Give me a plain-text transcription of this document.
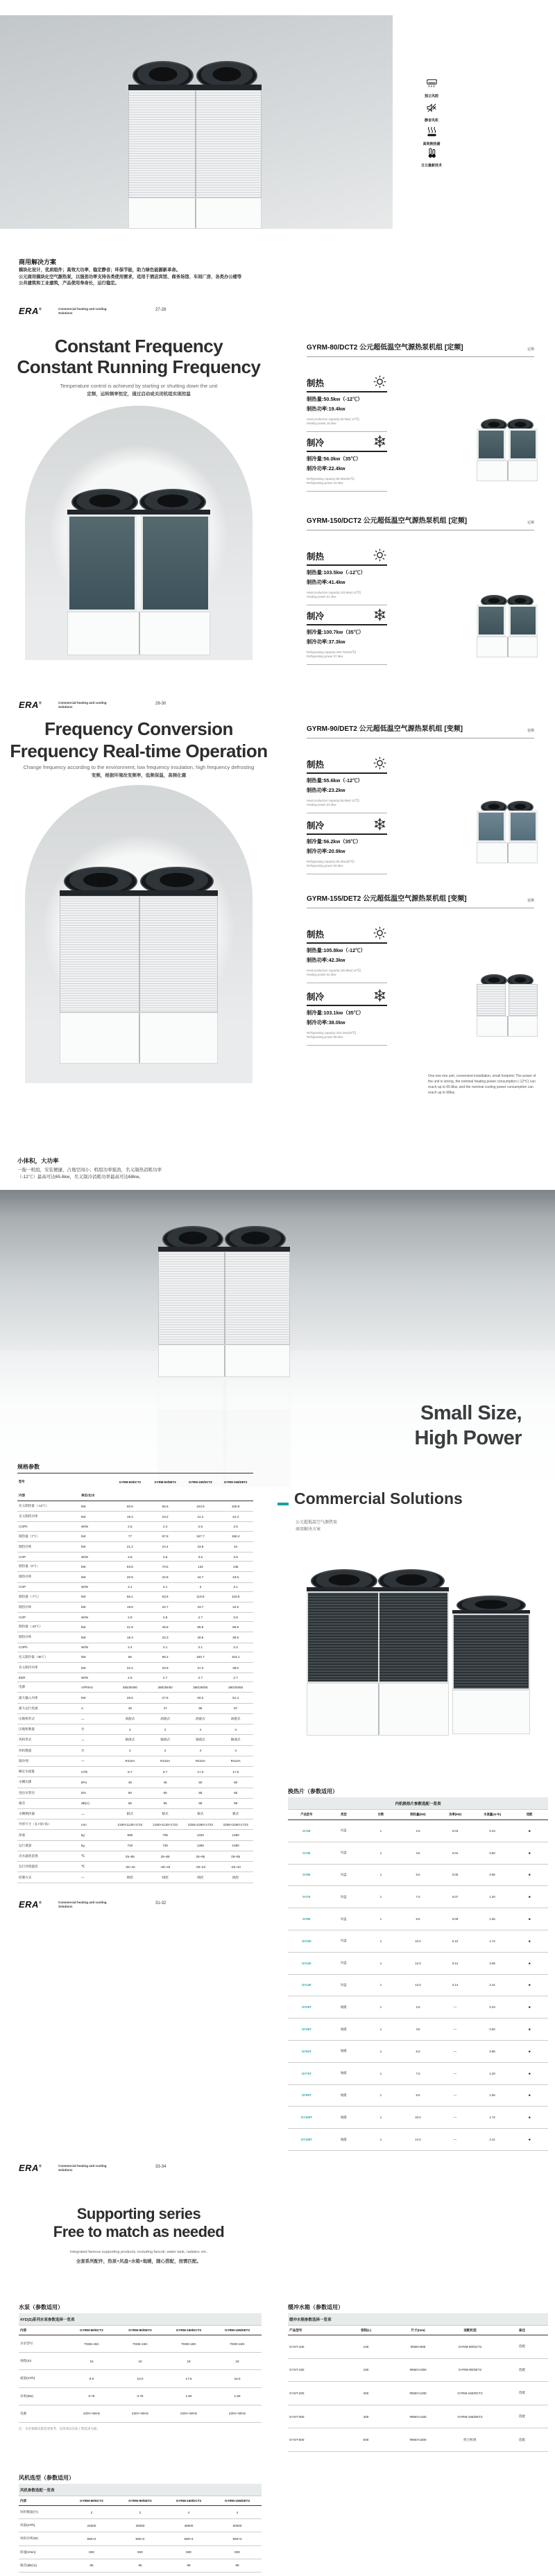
独立风腔
静音风机
高效换热器
日立最新技术
商用解决方案
模块化设计，优质组件；高效大功率、稳定静音；环保节能，助力绿色能源新革命。
公元商用模块化空气源热泵，以强劲功率支持各类使用需求，适用于酒店宾馆、商务场馆、车间厂房、各类办公楼等
公共建筑和工业建筑，产品使用寿命长，运行稳定。
ERA®	Commercial heating and cooling
Solutions
27-28
ERA®	Commercial heating and cooling
Solutions
29-30
ERA®	Commercial heating and cooling
Solutions
31-32
ERA®	Commercial heating and cooling
Solutions
33-34
Constant Frequency
Constant Running Frequency
Temperature control is achieved by starting or shutting down the unit
定频，运转频率恒定，通过启动或关闭机组实现控温
GYRM-80/DCT2 公元超低温空气源热泵机组 [定频]	定频
制热
制热量:50.5kw（-12℃）
制热功率:19.4kw
Heat production capacity:50.5kw(-12℃)
Heating power:19.4kw
制冷
制冷量:56.0kw（35℃）
制冷功率:22.4kw
Refrigerating capacity:56.0kw(35℃)
Refrigerating power:22.4kw
GYRM-150/DCT2 公元超低温空气源热泵机组 [定频]	定频
制热
制热量:103.5kw（-12℃）
制热功率:41.4kw
Heat production capacity:103.5kw(-12℃)
Heating power:41.4kw
制冷
制冷量:100.7kw（35℃）
制冷功率:37.3kw
Refrigerating capacity:100.7kw(35℃)
Refrigerating power:37.3kw
Frequency Conversion
Frequency Real-time Operation
Change frequency according to the environment, low frequency insulation, high frequency defrosting
变频，根据环境改变频率，低频保温，高频化霜
小体积，大功率
一拖一机组，安装便捷，占地空间小；机组功率强劲，名义制热消耗功率
（-12℃）最高可达65.8kw，名义制冷消耗功率最高可达68kw。
GYRM-90/DET2 公元超低温空气源热泵机组 [变频]	变频
制热
制热量:55.6kw（-12℃）
制热功率:23.2kw
Heat production capacity:55.6kw(-12℃)
Heating power:23.2kw
制冷
制冷量:56.2kw（35℃）
制冷功率:20.9kw
Refrigerating capacity:56.2kw(35℃)
Refrigerating power:20.9kw
GYRM-155/DET2 公元超低温空气源热泵机组 [变频]	变频
制热
制热量:105.8kw（-12℃）
制热功率:42.3kw
Heat production capacity:105.8kw(-12℃)
Heating power:42.3kw
制冷
制冷量:103.1kw（35℃）
制冷功率:38.0kw
Refrigerating capacity:103.1kw(35℃)
Refrigerating power:38.0kw
One tow one unit, convenient installation, small footprint; The power of the unit is strong, the nominal heating power consumption (-12℃) can reach up to 65.8kw, and the nominal cooling power consumption can reach up to 68kw.
Small Size,
High Power
Commercial Solutions
公元超低温空气源热泵
商用解决方案
规格参数
型号		GYRM-80/DCT2	GYRM-90/DET2	GYRM-150/DCT2	GYRM-155/DET2
内容	单位/出水				
名义制热量（-12℃）	kW	50.5	55.6	103.5	105.8
名义制热功率	kW	19.4	23.2	41.4	42.3
COPh	W/W	2.6	2.4	2.5	2.5
制热量（7℃）	kW	77	87.8	157.7	158.4
制热功率	kW	21.2	24.4	43.8	44
COP	W/W	3.6	3.6	3.6	3.6
制热量（0℃）	kW	63.8	70.5	134	135
制热功率	kW	20.5	22.8	44.7	43.5
COP	W/W	3.1	3.1	3	3.1
制热量（-7℃）	kW	56.1	63.6	118.9	118.9
制热功率	kW	19.8	22.7	43.7	42.5
COP	W/W	2.8	2.8	2.7	2.8
制热量（-20℃）	kW	41.8	46.8	85.8	86.8
制热功率	kW	18.4	22.3	40.8	39.5
COPh	W/W	2.4	2.1	2.1	2.2
名义制冷量（35℃）	kW	56	56.2	100.7	103.1
名义制冷功率	kW	22.4	20.9	37.3	38.0
EER	W/W	2.5	2.7	2.7	2.7
电源	V/Ph/Hz	380/3N/50	380/3N/50	380/3N/50	380/3N/50
最大输入功率	kW	26.5	27.6	50.2	51.4
最大运行电流	A	45	47	85	87
压缩机形式	—	涡旋式	涡旋式	涡旋式	涡旋式
压缩机数量	台	2	2	4	4
风机形式	—	轴流式	轴流式	轴流式	轴流式
风机数量	台	2	2	4	4
制冷剂	—	R410A	R410A	R410A	R410A
额定水流量	m³/h	8.7	9.7	17.3	17.8
水侧压降	kPa	45	45	60	60
进出水管径	DN	50	50	65	65
噪音	dB(A)	65	65	68	68
水侧换热器	—	板式	板式	板式	板式
外形尺寸（长×宽×高）	mm	2180×1130×1723	2180×1130×1723	2255×2260×1723	2255×2260×1723
净重	kg	695	705	1320	1350
运行重量	kg	720	730	1360	1390
出水温度范围	℃	25~55	25~55	25~55	25~55
运行环境温度	℃	-25~43	-25~43	-25~43	-25~43
控制方式	—	线控	线控	线控	线控
换热片（参数适用）
内机换热片参数选配一览表						
产品型号	类型	台数	制热量(kW)	功率(kW)	水流量(m³/h)	选配
GY25	风盘	1	2.5	0.03	0.43	■
GY35	风盘	1	3.5	0.04	0.60	■
GY50	风盘	1	5.0	0.05	0.86	■
GY70	风盘	1	7.0	0.07	1.20	■
GY90	风盘	1	9.0	0.09	1.55	■
GY100	风盘	1	10.0	0.10	1.72	■
GY120	风盘	1	12.0	0.12	2.06	■
GY140	风盘	1	14.0	0.14	2.41	■
GY25T	地暖	1	2.5	—	0.43	■
GY35T	地暖	1	3.5	—	0.60	■
GY50T	地暖	1	5.0	—	0.86	■
GY70T	地暖	1	7.0	—	1.20	■
GY90T	地暖	1	9.0	—	1.55	■
GY100T	地暖	1	10.0	—	1.72	■
GY140T	地暖	1	14.0	—	2.41	■
Supporting series
Free to match as needed
Integrated famous supporting products, including fancoil, water tank, radiator, etc.
全套系列配件，热泵+风盘+水箱+地暖，随心搭配，按需匹配。
水泵（参数适用）
4YD(S)系列水泵参数选择一览表				
内容	GYRM-80/DCT2	GYRM-90/DET2	GYRM-150/DCT2	GYRM-155/DET2
水泵型号	TD65-15G	TD65-15G	TD80-18G	TD80-18G
扬程(m)	15	15	18	18
流量(m³/h)	9.0	10.0	17.5	18.0
功率(kW)	0.75	0.75	1.50	1.50
电源	220V~50Hz	220V~50Hz	220V~50Hz	220V~50Hz
注：水泵参数仅供选型参考，具体请以实际工程需求为准。
风机选型（参数适用）
风机参数选配一览表				
内容	GYRM-80/DCT2	GYRM-90/DET2	GYRM-150/DCT2	GYRM-155/DET2
风机数量(台)	2	2	4	4
风量(m³/h)	24000	25000	48000	50000
风机功率(W)	550×2	550×2	550×4	550×4
转速(r/min)	830	830	830	830
噪音(dB(A))	65	65	68	68
缓冲水箱（参数适用）
缓冲水箱参数选择一览表				
产品型号	容积(L)	尺寸(mm)	适配机型	备注
GYST-100	100	Φ500×900	GYRM-80/DCT2	选配
GYST-150	150	Φ550×1050	GYRM-90/DET2	选配
GYST-200	200	Φ600×1200	GYRM-150/DCT2	选配
GYST-300	300	Φ650×1400	GYRM-155/DET2	选配
GYST-500	500	Φ800×1600	组合机组	选配
